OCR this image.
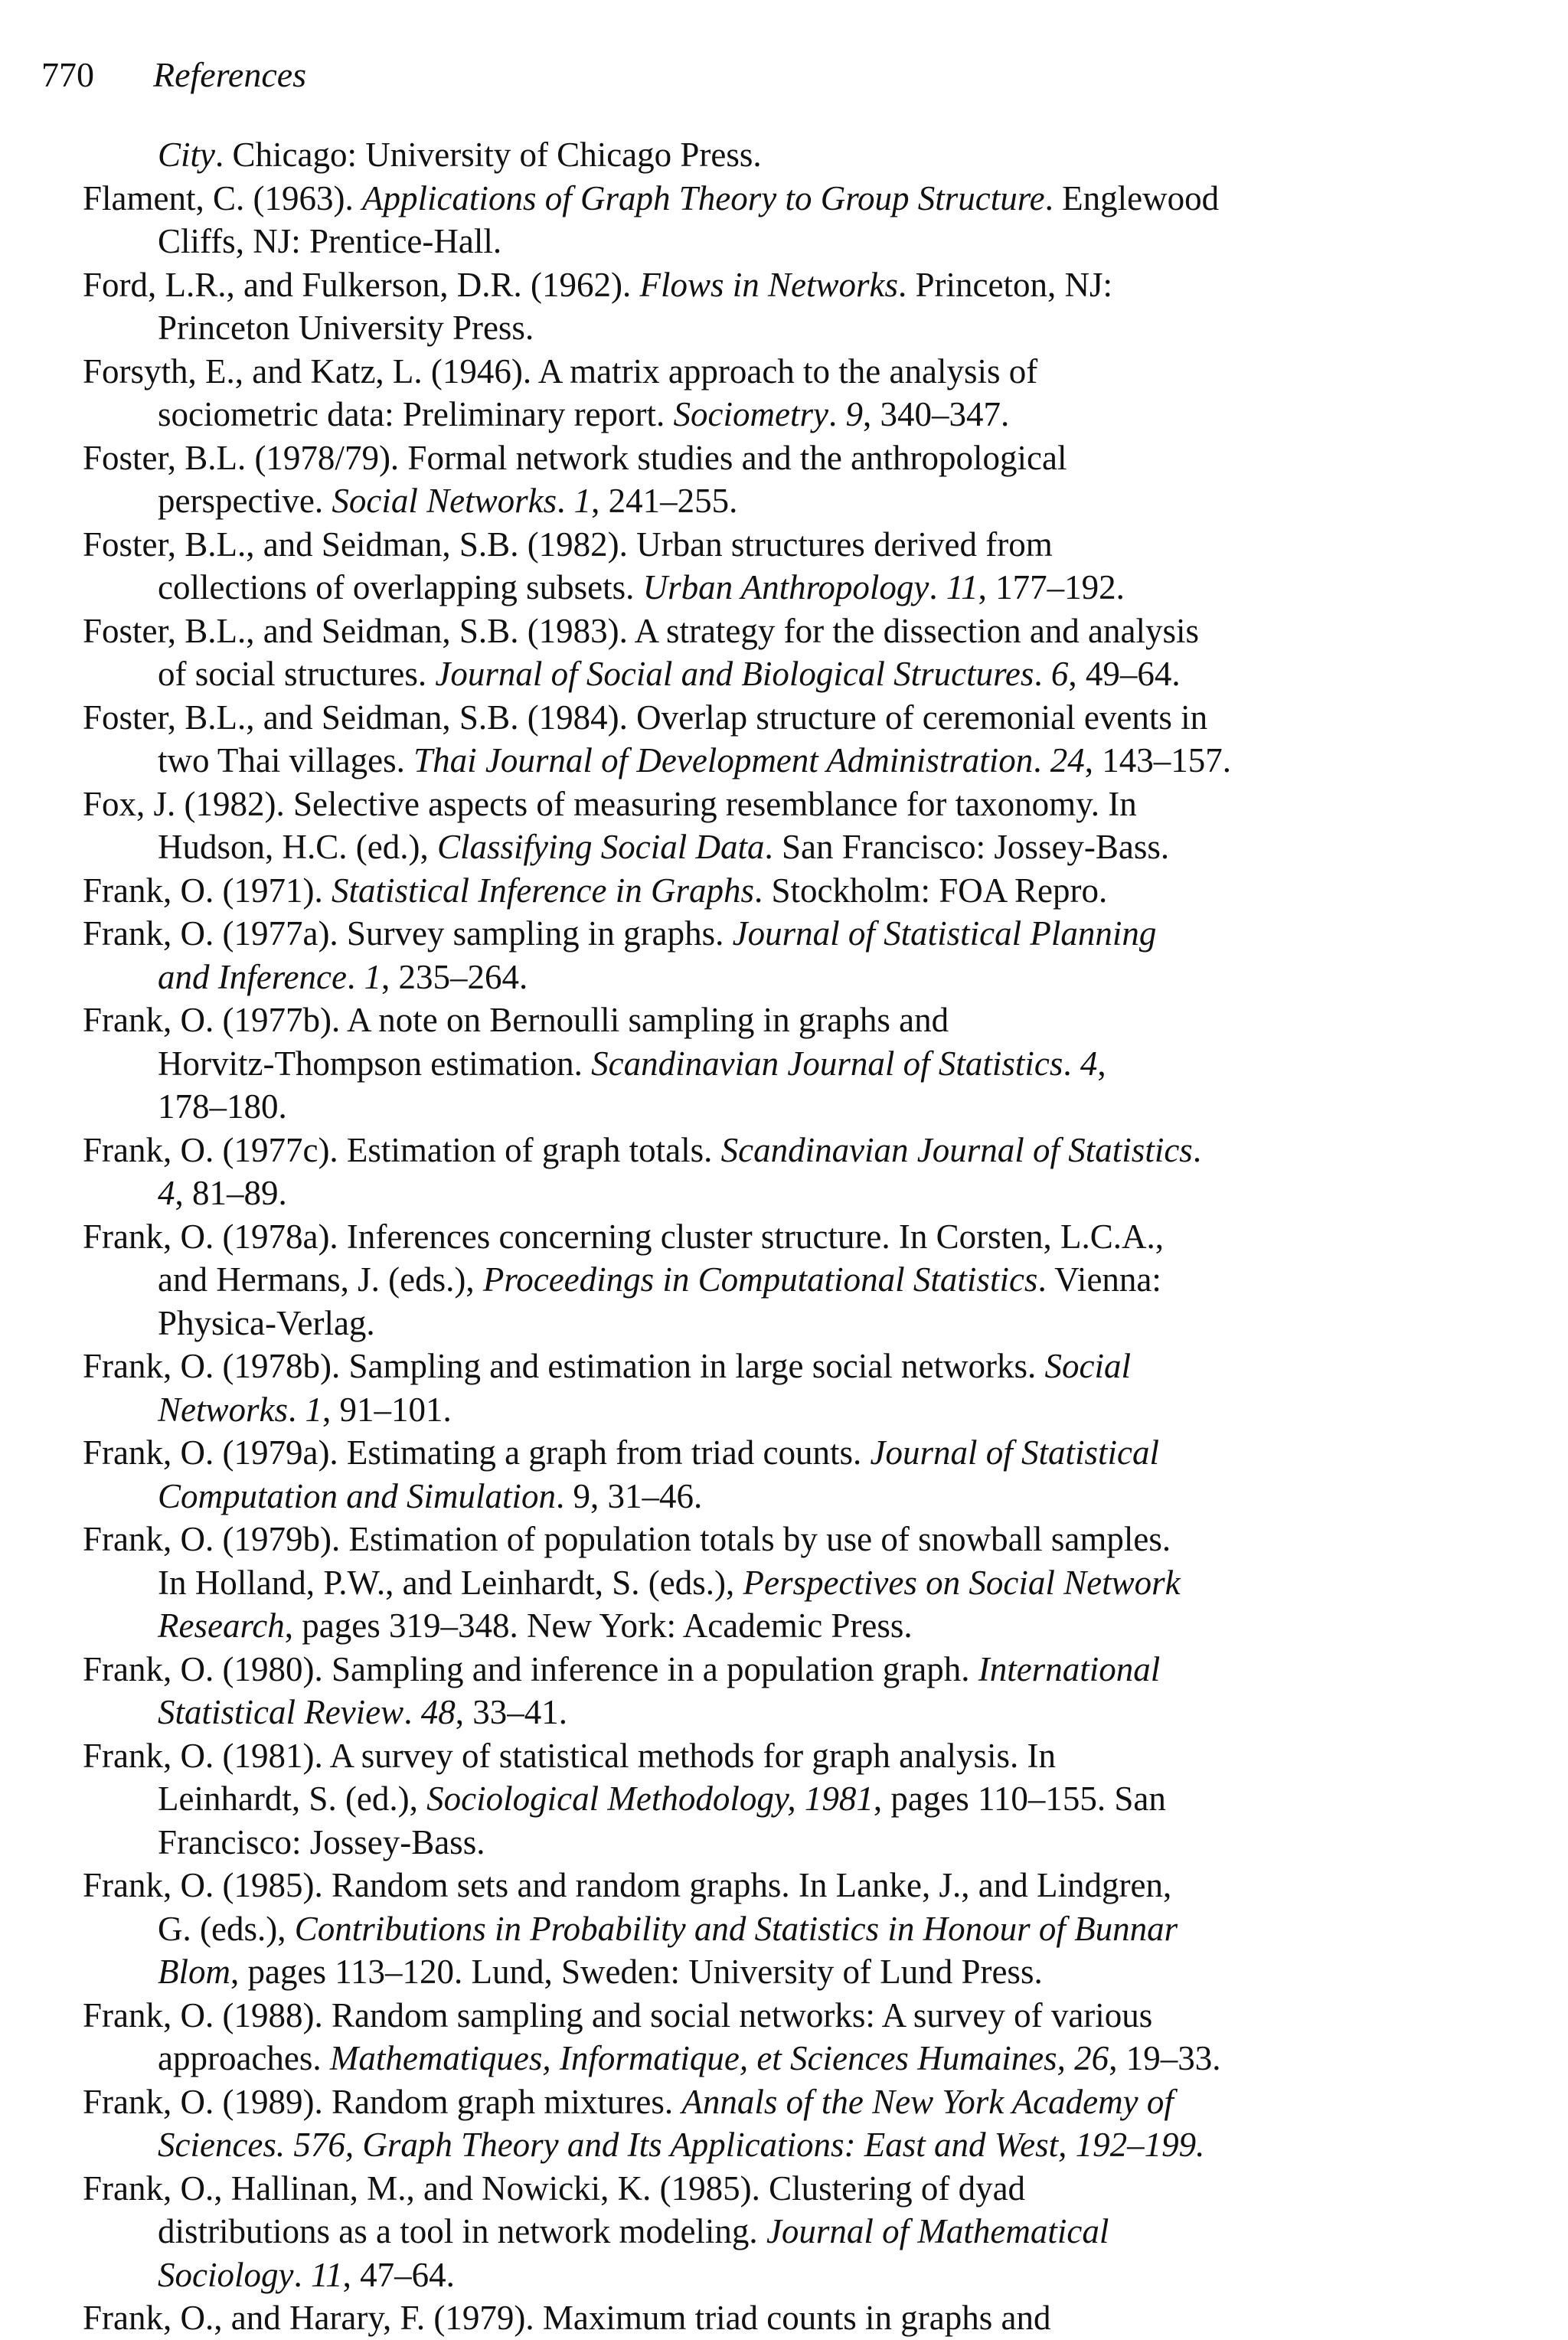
770 References
City. Chicago: University of Chicago Press.
Flament, C. (1963). Applications of Graph Theory to Group Structure. Englewood
Cliffs, NJ: Prentice-Hall.
Ford, L.R., and Fulkerson, D.R. (1962). Flows in Networks. Princeton, NJ:
Princeton University Press.
Forsyth, E., and Katz, L. (1946). A matrix approach to the analysis of
sociometric data: Preliminary report. Sociometry. 9, 340–347.
Foster, B.L. (1978/79). Formal network studies and the anthropological
perspective. Social Networks. 1, 241–255.
Foster, B.L., and Seidman, S.B. (1982). Urban structures derived from
collections of overlapping subsets. Urban Anthropology. 11, 177–192.
Foster, B.L., and Seidman, S.B. (1983). A strategy for the dissection and analysis
of social structures. Journal of Social and Biological Structures. 6, 49–64.
Foster, B.L., and Seidman, S.B. (1984). Overlap structure of ceremonial events in
two Thai villages. Thai Journal of Development Administration. 24, 143–157.
Fox, J. (1982). Selective aspects of measuring resemblance for taxonomy. In
Hudson, H.C. (ed.), Classifying Social Data. San Francisco: Jossey-Bass.
Frank, O. (1971). Statistical Inference in Graphs. Stockholm: FOA Repro.
Frank, O. (1977a). Survey sampling in graphs. Journal of Statistical Planning
and Inference. 1, 235–264.
Frank, O. (1977b). A note on Bernoulli sampling in graphs and
Horvitz-Thompson estimation. Scandinavian Journal of Statistics. 4,
178–180.
Frank, O. (1977c). Estimation of graph totals. Scandinavian Journal of Statistics.
4, 81–89.
Frank, O. (1978a). Inferences concerning cluster structure. In Corsten, L.C.A.,
and Hermans, J. (eds.), Proceedings in Computational Statistics. Vienna:
Physica-Verlag.
Frank, O. (1978b). Sampling and estimation in large social networks. Social
Networks. 1, 91–101.
Frank, O. (1979a). Estimating a graph from triad counts. Journal of Statistical
Computation and Simulation. 9, 31–46.
Frank, O. (1979b). Estimation of population totals by use of snowball samples.
In Holland, P.W., and Leinhardt, S. (eds.), Perspectives on Social Network
Research, pages 319–348. New York: Academic Press.
Frank, O. (1980). Sampling and inference in a population graph. International
Statistical Review. 48, 33–41.
Frank, O. (1981). A survey of statistical methods for graph analysis. In
Leinhardt, S. (ed.), Sociological Methodology, 1981, pages 110–155. San
Francisco: Jossey-Bass.
Frank, O. (1985). Random sets and random graphs. In Lanke, J., and Lindgren,
G. (eds.), Contributions in Probability and Statistics in Honour of Bunnar
Blom, pages 113–120. Lund, Sweden: University of Lund Press.
Frank, O. (1988). Random sampling and social networks: A survey of various
approaches. Mathematiques, Informatique, et Sciences Humaines, 26, 19–33.
Frank, O. (1989). Random graph mixtures. Annals of the New York Academy of
Sciences. 576, Graph Theory and Its Applications: East and West, 192–199.
Frank, O., Hallinan, M., and Nowicki, K. (1985). Clustering of dyad
distributions as a tool in network modeling. Journal of Mathematical
Sociology. 11, 47–64.
Frank, O., and Harary, F. (1979). Maximum triad counts in graphs and
